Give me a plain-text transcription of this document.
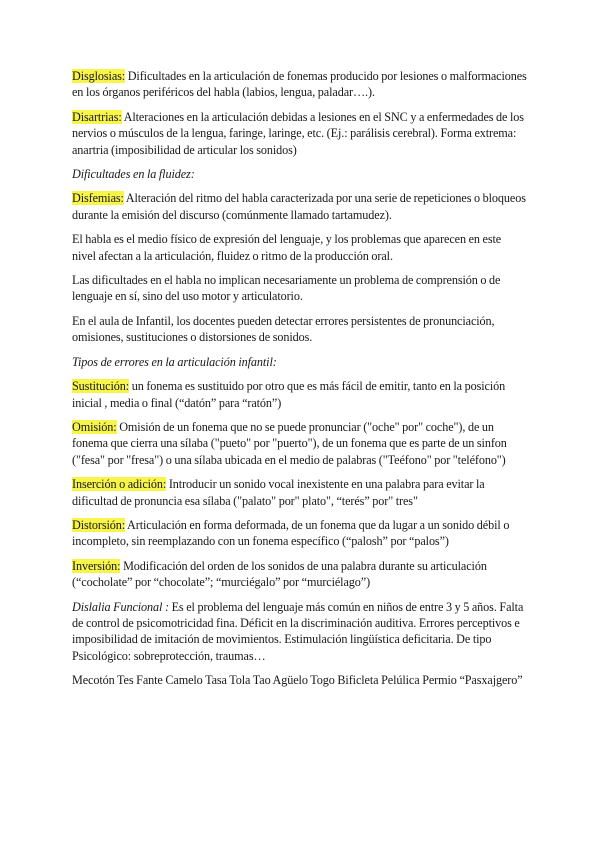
Disglosias: Dificultades en la articulación de fonemas producido por lesiones o malformaciones en los órganos periféricos del habla (labios, lengua, paladar….).

Disartrias: Alteraciones en la articulación debidas a lesiones en el SNC y a enfermedades de los nervios o músculos de la lengua, faringe, laringe, etc. (Ej.: parálisis cerebral). Forma extrema: anartria (imposibilidad de articular los sonidos)

Dificultades en la fluidez:

Disfemias: Alteración del ritmo del habla caracterizada por una serie de repeticiones o bloqueos durante la emisión del discurso (comúnmente llamado tartamudez).

El habla es el medio físico de expresión del lenguaje, y los problemas que aparecen en este nivel afectan a la articulación, fluidez o ritmo de la producción oral.

Las dificultades en el habla no implican necesariamente un problema de comprensión o de lenguaje en sí, sino del uso motor y articulatorio.

En el aula de Infantil, los docentes pueden detectar errores persistentes de pronunciación, omisiones, sustituciones o distorsiones de sonidos.

Tipos de errores en la articulación infantil:

Sustitución: un fonema es sustituido por otro que es más fácil de emitir, tanto en la posición inicial , media o final (“datón” para “ratón”)

Omisión: Omisión de un fonema que no se puede pronunciar ("oche" por" coche"), de un fonema que cierra una sílaba ("pueto" por "puerto"), de un fonema que es parte de un sinfon ("fesa" por "fresa") o una sílaba ubicada en el medio de palabras ("Teéfono" por "teléfono")

Inserción o adición: Introducir un sonido vocal inexistente en una palabra para evitar la dificultad de pronuncia esa sílaba ("palato" por" plato", “terés” por" tres"

Distorsión: Articulación en forma deformada, de un fonema que da lugar a un sonido débil o incompleto, sin reemplazando con un fonema específico (“palosh” por “palos”)

Inversión: Modificación del orden de los sonidos de una palabra durante su articulación (“cocholate” por “chocolate”; “murciégalo” por “murciélago”)

Dislalia Funcional : Es el problema del lenguaje más común en niños de entre 3 y 5 años. Falta de control de psicomotricidad fina. Déficit en la discriminación auditiva. Errores perceptivos e imposibilidad de imitación de movimientos. Estimulación lingüística deficitaria. De tipo Psicológico: sobreprotección, traumas…

Mecotón Tes Fante Camelo Tasa Tola Tao Agüelo Togo Bificleta Pelúlica Permio “Pasxajgero”
